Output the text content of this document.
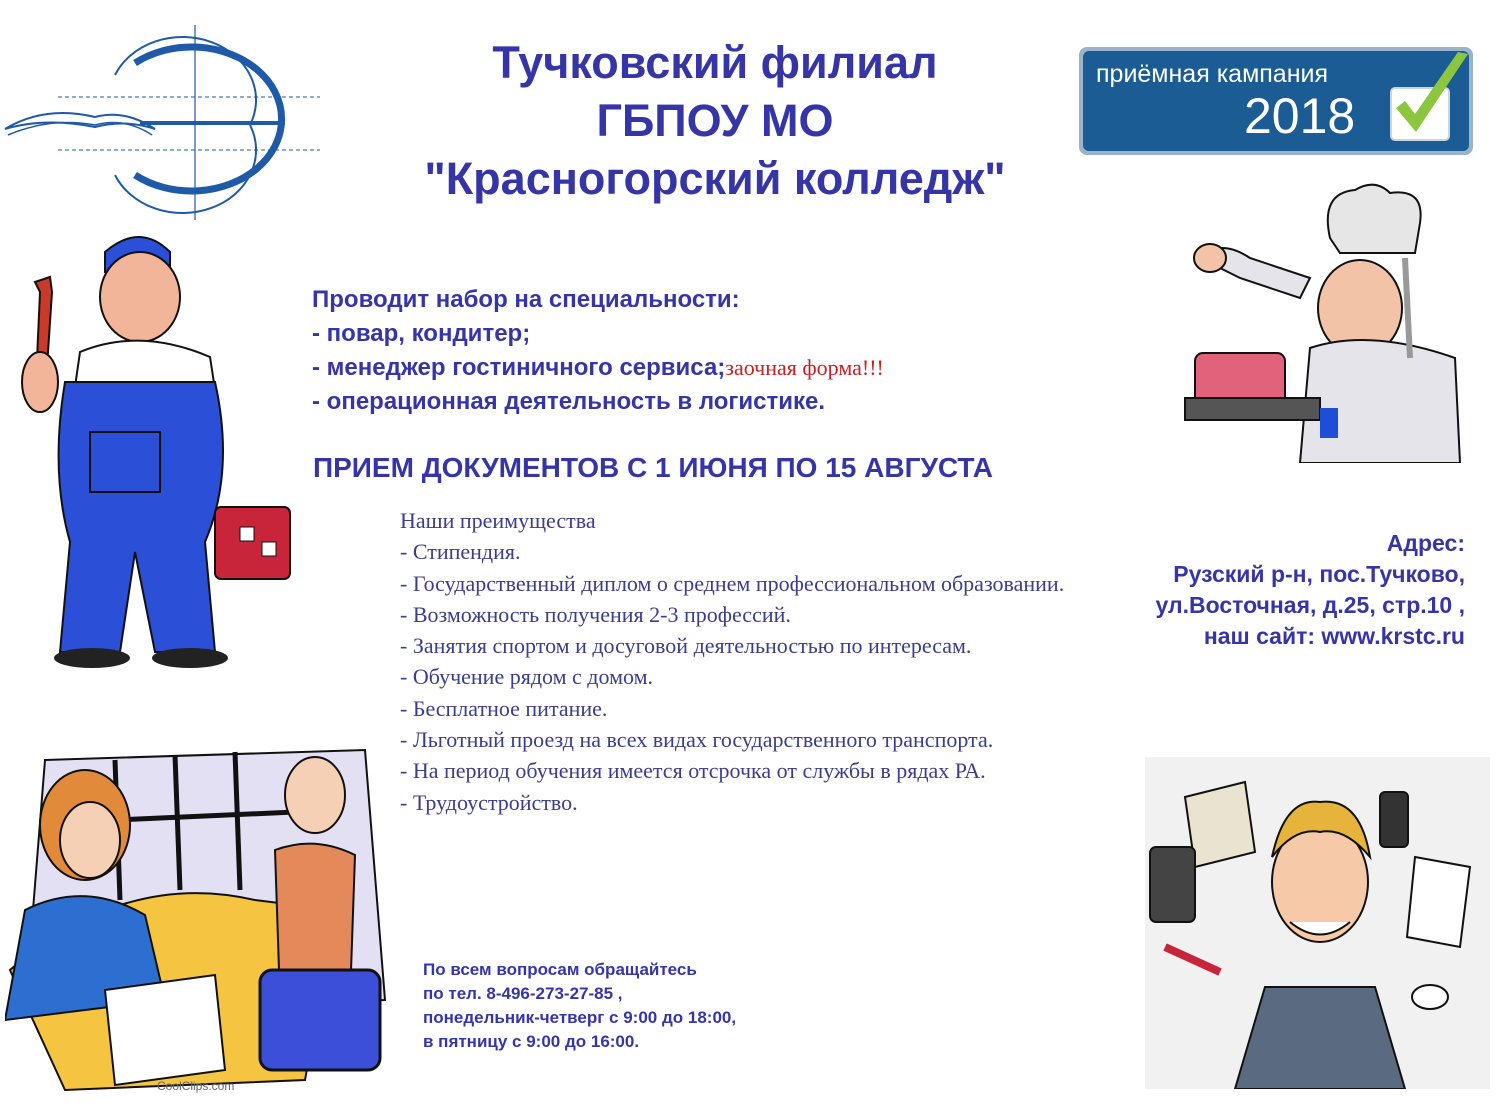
Тучковский филиал
ГБПОУ МО
"Красногорский колледж"
приёмная кампания
2018
Проводит набор на специальности:
- повар, кондитер;
- менеджер гостиничного сервиса;заочная форма!!!
- операционная деятельность в логистике.
ПРИЕМ ДОКУМЕНТОВ С 1 ИЮНЯ ПО 15 АВГУСТА
Наши преимущества
- Стипендия.
- Государственный диплом о среднем профессиональном образовании.
- Возможность получения 2-3 профессий.
- Занятия спортом и досуговой деятельностью по интересам.
- Обучение рядом с домом.
- Бесплатное питание.
- Льготный проезд на всех видах государственного транспорта.
- На период обучения имеется отсрочка от службы в рядах РА.
- Трудоустройство.
Адрес:
Рузский р-н, пос.Тучково,
ул.Восточная, д.25, стр.10 ,
наш сайт: www.krstc.ru
CoolClips.com
По всем вопросам обращайтесь
по тел. 8-496-273-27-85 ,
понедельник-четверг с 9:00 до 18:00,
в пятницу с 9:00 до 16:00.
